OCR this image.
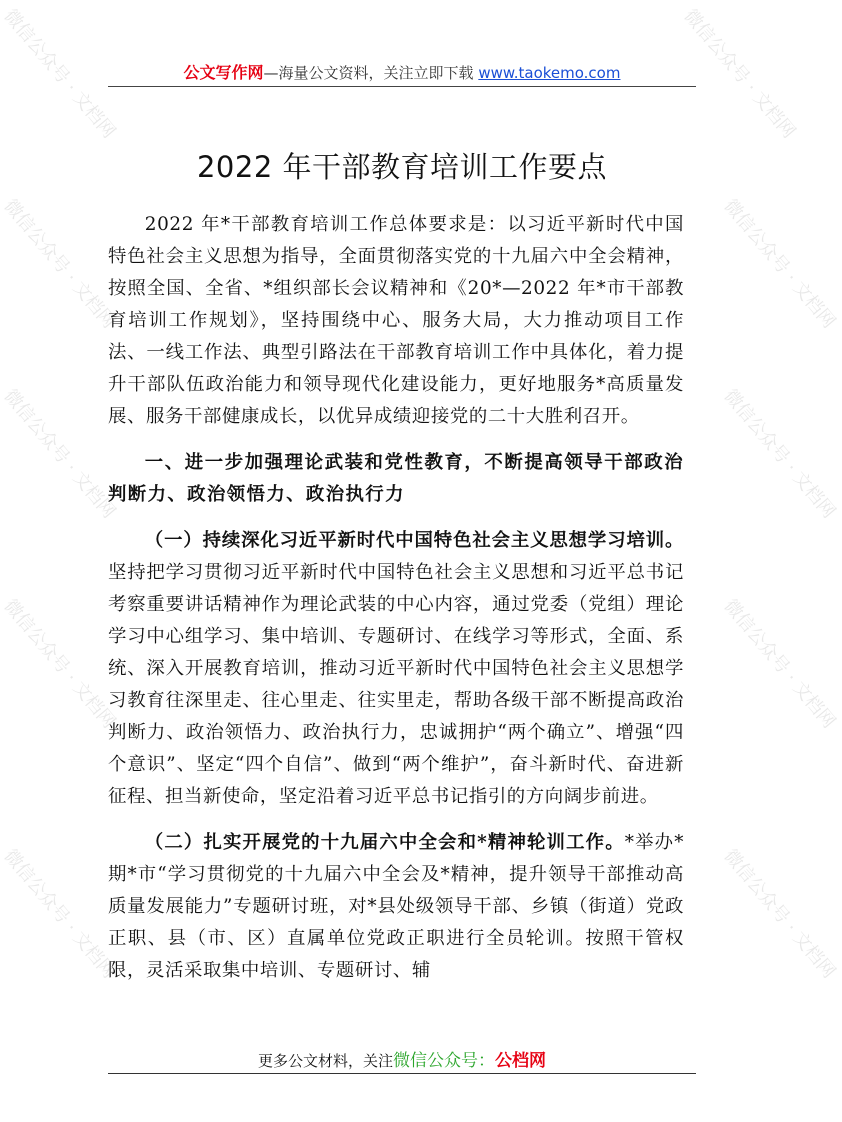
微信公众号 · 文档网	微信公众号 · 文档网
微信公众号 · 文档网	微信公众号 · 文档网
微信公众号 · 文档网	微信公众号 · 文档网
微信公众号 · 文档网	微信公众号 · 文档网
微信公众号 · 文档网	微信公众号 · 文档网
公文写作网—海量公文资料，关注立即下载 www.taokemo.com
2022 年干部教育培训工作要点

2022 年*干部教育培训工作总体要求是：以习近平新时代中国特色社会主义思想为指导，全面贯彻落实党的十九届六中全会精神，按照全国、全省、*组织部长会议精神和《20*—2022 年*市干部教育培训工作规划》，坚持围绕中心、服务大局，大力推动项目工作法、一线工作法、典型引路法在干部教育培训工作中具体化，着力提升干部队伍政治能力和领导现代化建设能力，更好地服务*高质量发展、服务干部健康成长，以优异成绩迎接党的二十大胜利召开。

一、进一步加强理论武装和党性教育，不断提高领导干部政治判断力、政治领悟力、政治执行力

（一）持续深化习近平新时代中国特色社会主义思想学习培训。坚持把学习贯彻习近平新时代中国特色社会主义思想和习近平总书记考察重要讲话精神作为理论武装的中心内容，通过党委（党组）理论学习中心组学习、集中培训、专题研讨、在线学习等形式，全面、系统、深入开展教育培训，推动习近平新时代中国特色社会主义思想学习教育往深里走、往心里走、往实里走，帮助各级干部不断提高政治判断力、政治领悟力、政治执行力，忠诚拥护“两个确立”、增强“四个意识”、坚定“四个自信”、做到“两个维护”，奋斗新时代、奋进新征程、担当新使命，坚定沿着习近平总书记指引的方向阔步前进。

（二）扎实开展党的十九届六中全会和*精神轮训工作。*举办*期*市“学习贯彻党的十九届六中全会及*精神，提升领导干部推动高质量发展能力”专题研讨班，对*县处级领导干部、乡镇（街道）党政正职、县（市、区）直属单位党政正职进行全员轮训。按照干管权限，灵活采取集中培训、专题研讨、辅

更多公文材料，关注微信公众号：公档网
